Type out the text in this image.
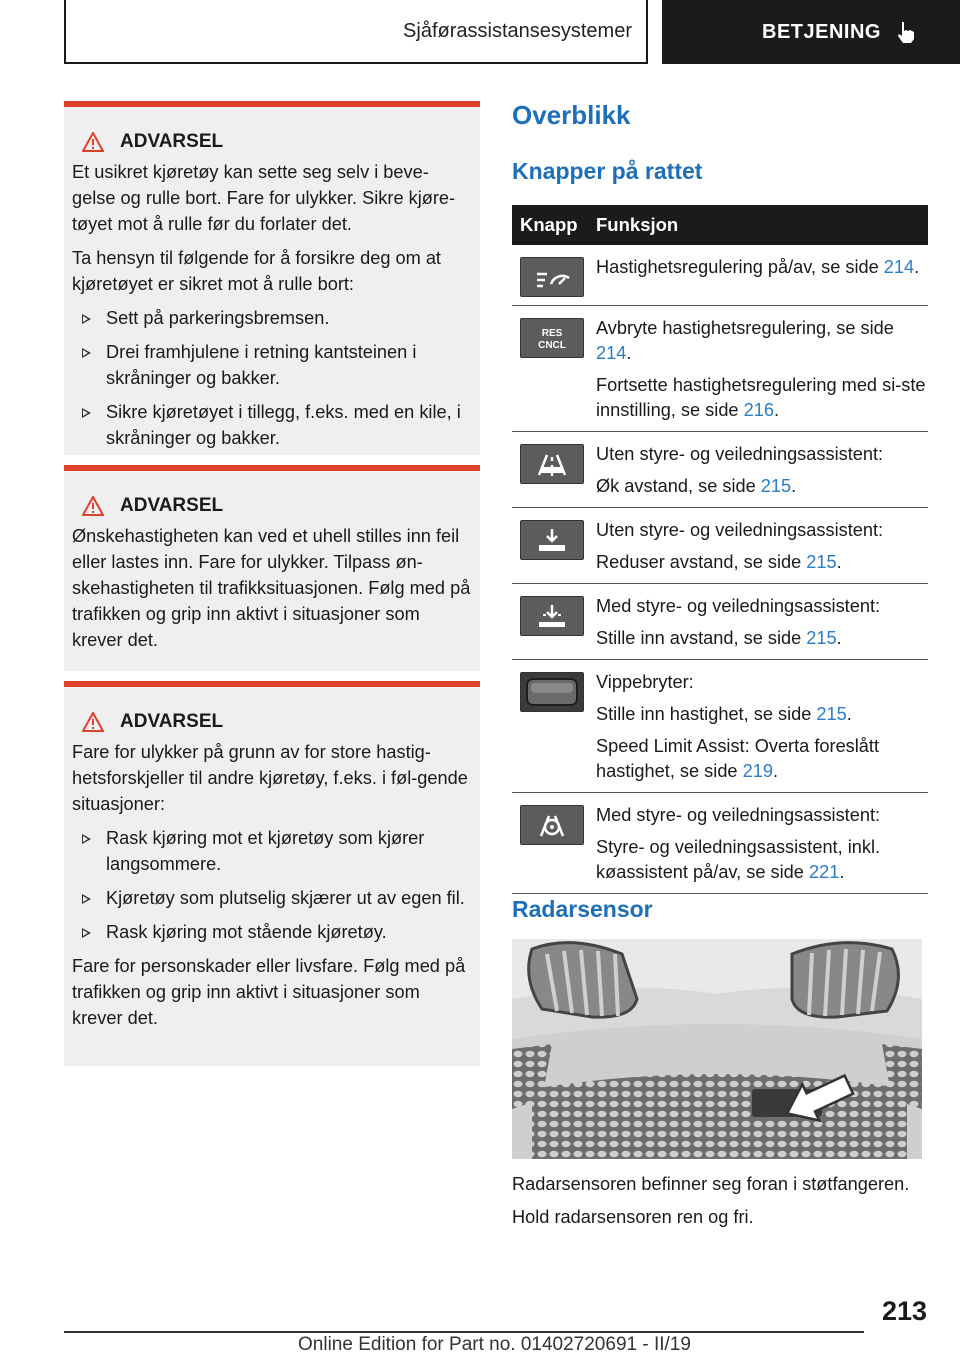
Sjåførassistansesystemer	BETJENING
ADVARSEL

Et usikret kjøretøy kan sette seg selv i beve-gelse og rulle bort. Fare for ulykker. Sikre kjøre-tøyet mot å rulle før du forlater det.

Ta hensyn til følgende for å forsikre deg om at kjøretøyet er sikret mot å rulle bort:

Sett på parkeringsbremsen.
Drei framhjulene i retning kantsteinen i skråninger og bakker.
Sikre kjøretøyet i tillegg, f.eks. med en kile, i skråninger og bakker.
ADVARSEL

Ønskehastigheten kan ved et uhell stilles inn feil eller lastes inn. Fare for ulykker. Tilpass øn-skehastigheten til trafikksituasjonen. Følg med på trafikken og grip inn aktivt i situasjoner som krever det.

ADVARSEL

Fare for ulykker på grunn av for store hastig-hetsforskjeller til andre kjøretøy, f.eks. i føl-gende situasjoner:

Rask kjøring mot et kjøretøy som kjører langsommere.
Kjøretøy som plutselig skjærer ut av egen fil.
Rask kjøring mot stående kjøretøy.

Fare for personskader eller livsfare. Følg med på trafikken og grip inn aktivt i situasjoner som krever det.

Overblikk
Knapper på rattet
Knapp Funksjon

Hastighetsregulering på/av, se side 214.

RES
CNCL

Avbryte hastighetsregulering, se side 214.

Fortsette hastighetsregulering med si-ste innstilling, se side 216.

Uten styre- og veiledningsassistent:

Øk avstand, se side 215.

Uten styre- og veiledningsassistent:

Reduser avstand, se side 215.

Med styre- og veiledningsassistent:

Stille inn avstand, se side 215.

Vippebryter:

Stille inn hastighet, se side 215.

Speed Limit Assist: Overta foreslått hastighet, se side 219.

Med styre- og veiledningsassistent:

Styre- og veiledningsassistent, inkl. køassistent på/av, se side 221.

Radarsensor
Radarsensoren befinner seg foran i støtfangeren.
Hold radarsensoren ren og fri.
213
Online Edition for Part no. 01402720691 - II/19
